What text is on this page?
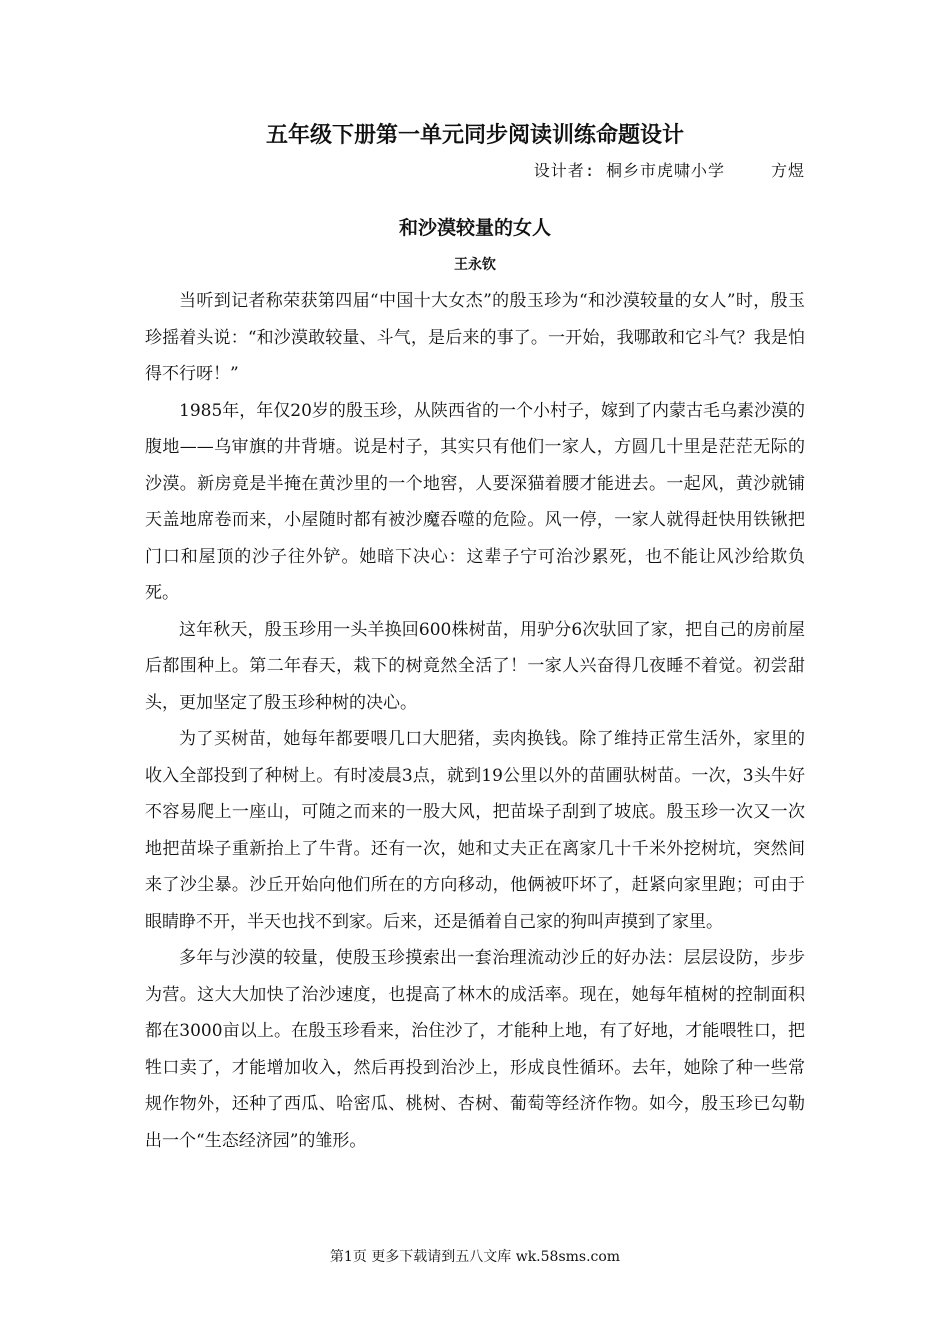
五年级下册第一单元同步阅读训练命题设计
设计者: 桐乡市虎啸小学	方煜
和沙漠较量的女人
王永钦

当听到记者称荣获第四届“中国十大女杰”的殷玉珍为“和沙漠较量的女人”时，殷玉珍摇着头说：“和沙漠敢较量、斗气，是后来的事了。一开始，我哪敢和它斗气？我是怕得不行呀！”

1985年，年仅20岁的殷玉珍，从陕西省的一个小村子，嫁到了内蒙古毛乌素沙漠的腹地——乌审旗的井背塘。说是村子，其实只有他们一家人，方圆几十里是茫茫无际的沙漠。新房竟是半掩在黄沙里的一个地窖，人要深猫着腰才能进去。一起风，黄沙就铺天盖地席卷而来，小屋随时都有被沙魔吞噬的危险。风一停，一家人就得赶快用铁锹把门口和屋顶的沙子往外铲。她暗下决心：这辈子宁可治沙累死，也不能让风沙给欺负死。

这年秋天，殷玉珍用一头羊换回600株树苗，用驴分6次驮回了家，把自己的房前屋后都围种上。第二年春天，栽下的树竟然全活了！一家人兴奋得几夜睡不着觉。初尝甜头，更加坚定了殷玉珍种树的决心。

为了买树苗，她每年都要喂几口大肥猪，卖肉换钱。除了维持正常生活外，家里的收入全部投到了种树上。有时凌晨3点，就到19公里以外的苗圃驮树苗。一次，3头牛好不容易爬上一座山，可随之而来的一股大风，把苗垛子刮到了坡底。殷玉珍一次又一次地把苗垛子重新抬上了牛背。还有一次，她和丈夫正在离家几十千米外挖树坑，突然间来了沙尘暴。沙丘开始向他们所在的方向移动，他俩被吓坏了，赶紧向家里跑；可由于眼睛睁不开，半天也找不到家。后来，还是循着自己家的狗叫声摸到了家里。

多年与沙漠的较量，使殷玉珍摸索出一套治理流动沙丘的好办法：层层设防，步步为营。这大大加快了治沙速度，也提高了林木的成活率。现在，她每年植树的控制面积都在3000亩以上。在殷玉珍看来，治住沙了，才能种上地，有了好地，才能喂牲口，把牲口卖了，才能增加收入，然后再投到治沙上，形成良性循环。去年，她除了种一些常规作物外，还种了西瓜、哈密瓜、桃树、杏树、葡萄等经济作物。如今，殷玉珍已勾勒出一个“生态经济园”的雏形。

第1页 更多下载请到五八文库 wk.58sms.com
